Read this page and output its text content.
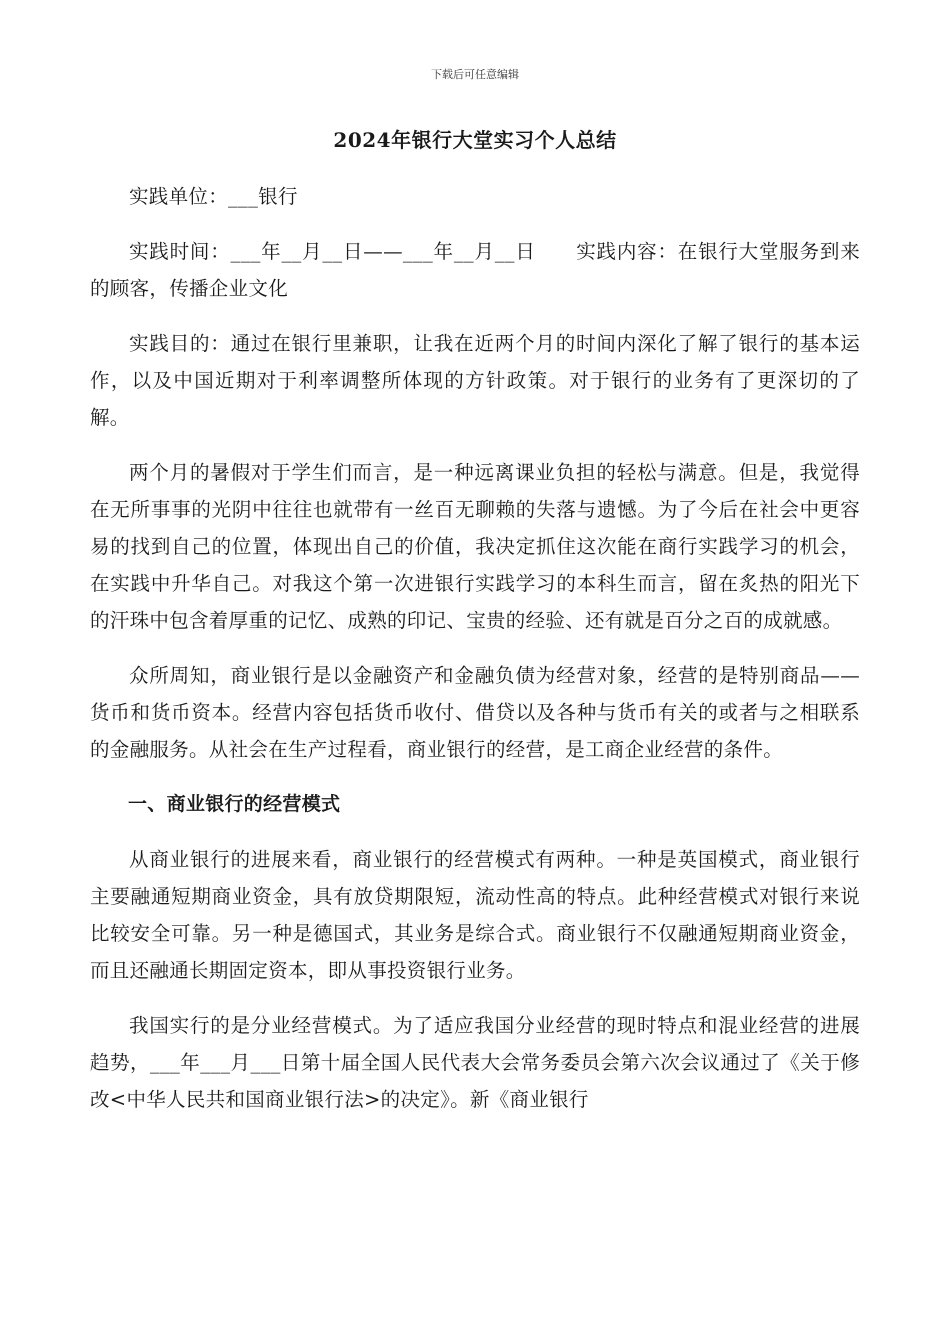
下载后可任意编辑
2024年银行大堂实习个人总结

实践单位：___银行

实践时间：___年__月__日——___年__月__日　　实践内容：在银行大堂服务到来的顾客，传播企业文化

实践目的：通过在银行里兼职，让我在近两个月的时间内深化了解了银行的基本运作，以及中国近期对于利率调整所体现的方针政策。对于银行的业务有了更深切的了解。

两个月的暑假对于学生们而言，是一种远离课业负担的轻松与满意。但是，我觉得在无所事事的光阴中往往也就带有一丝百无聊赖的失落与遗憾。为了今后在社会中更容易的找到自己的位置，体现出自己的价值，我决定抓住这次能在商行实践学习的机会，在实践中升华自己。对我这个第一次进银行实践学习的本科生而言，留在炙热的阳光下的汗珠中包含着厚重的记忆、成熟的印记、宝贵的经验、还有就是百分之百的成就感。

众所周知，商业银行是以金融资产和金融负债为经营对象，经营的是特别商品——货币和货币资本。经营内容包括货币收付、借贷以及各种与货币有关的或者与之相联系的金融服务。从社会在生产过程看，商业银行的经营，是工商企业经营的条件。

一、商业银行的经营模式

从商业银行的进展来看，商业银行的经营模式有两种。一种是英国模式，商业银行主要融通短期商业资金，具有放贷期限短，流动性高的特点。此种经营模式对银行来说比较安全可靠。另一种是德国式，其业务是综合式。商业银行不仅融通短期商业资金，而且还融通长期固定资本，即从事投资银行业务。

我国实行的是分业经营模式。为了适应我国分业经营的现时特点和混业经营的进展趋势，___年___月___日第十届全国人民代表大会常务委员会第六次会议通过了《关于修改<中华人民共和国商业银行法>的决定》。新《商业银行
